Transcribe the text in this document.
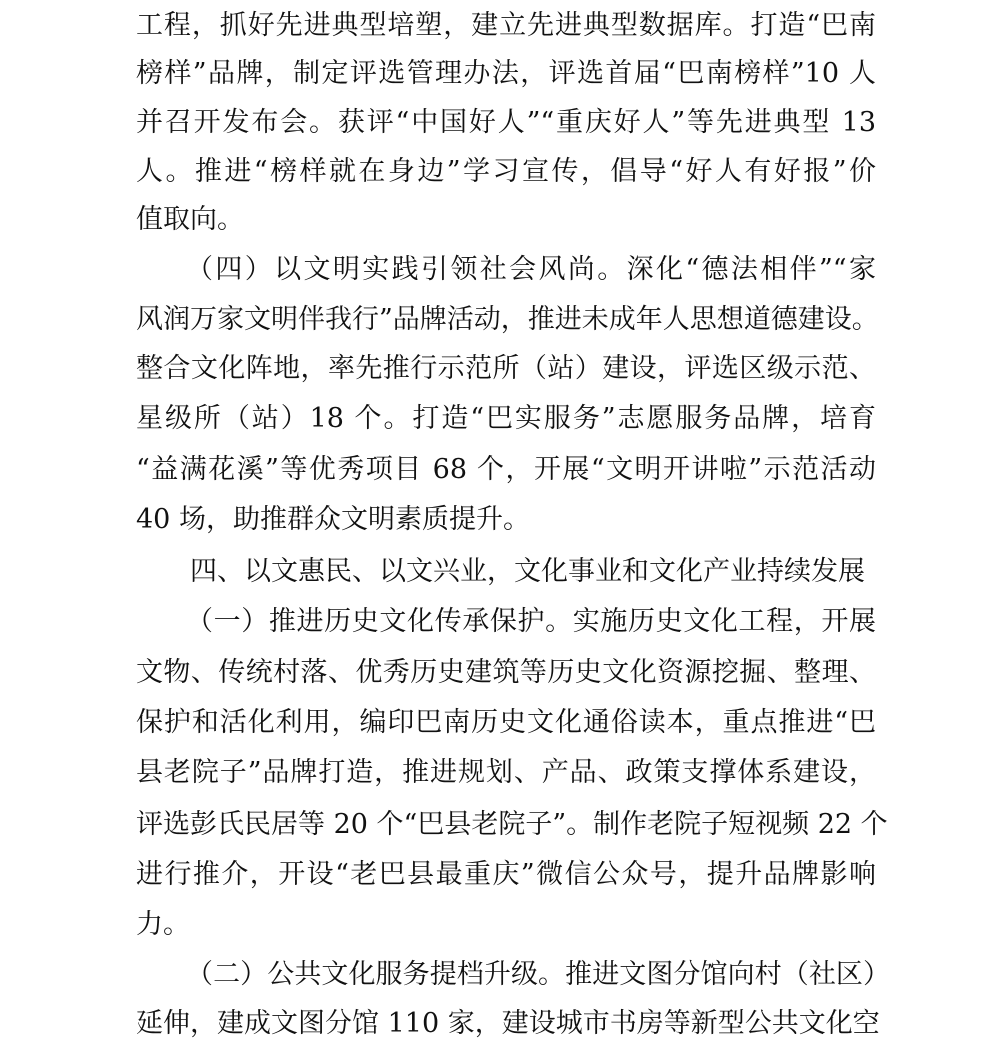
工程，抓好先进典型培塑，建立先进典型数据库。打造“巴南

榜样”品牌，制定评选管理办法，评选首届“巴南榜样”10 人

并召开发布会。获评“中国好人”“重庆好人”等先进典型 13

人。推进“榜样就在身边”学习宣传，倡导“好人有好报”价

值取向。

（四）以文明实践引领社会风尚。深化“德法相伴”“家

风润万家文明伴我行”品牌活动，推进未成年人思想道德建设。

整合文化阵地，率先推行示范所（站）建设，评选区级示范、

星级所（站）18 个。打造“巴实服务”志愿服务品牌，培育

“益满花溪”等优秀项目 68 个，开展“文明开讲啦”示范活动

40 场，助推群众文明素质提升。

四、以文惠民、以文兴业，文化事业和文化产业持续发展

（一）推进历史文化传承保护。实施历史文化工程，开展

文物、传统村落、优秀历史建筑等历史文化资源挖掘、整理、

保护和活化利用，编印巴南历史文化通俗读本，重点推进“巴

县老院子”品牌打造，推进规划、产品、政策支撑体系建设，

评选彭氏民居等 20 个“巴县老院子”。制作老院子短视频 22 个

进行推介，开设“老巴县最重庆”微信公众号，提升品牌影响

力。

（二）公共文化服务提档升级。推进文图分馆向村（社区）

延伸，建成文图分馆 110 家，建设城市书房等新型公共文化空
